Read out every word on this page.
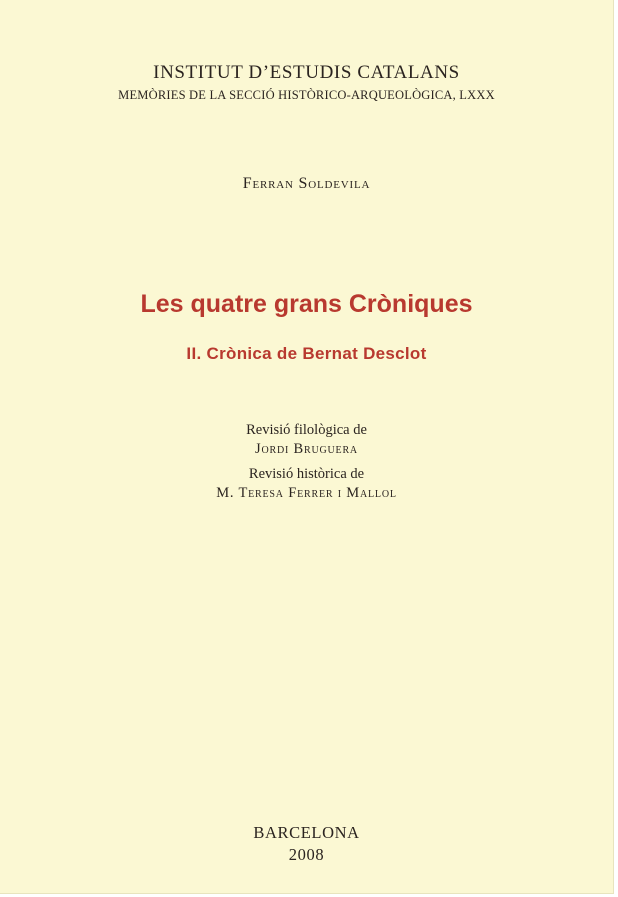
INSTITUT D’ESTUDIS CATALANS
MEMÒRIES DE LA SECCIÓ HISTÒRICO-ARQUEOLÒGICA, LXXX
Ferran Soldevila
Les quatre grans Cròniques
II. Crònica de Bernat Desclot
Revisió filològica de
Jordi Bruguera
Revisió històrica de
M. Teresa Ferrer i Mallol
BARCELONA
2008
